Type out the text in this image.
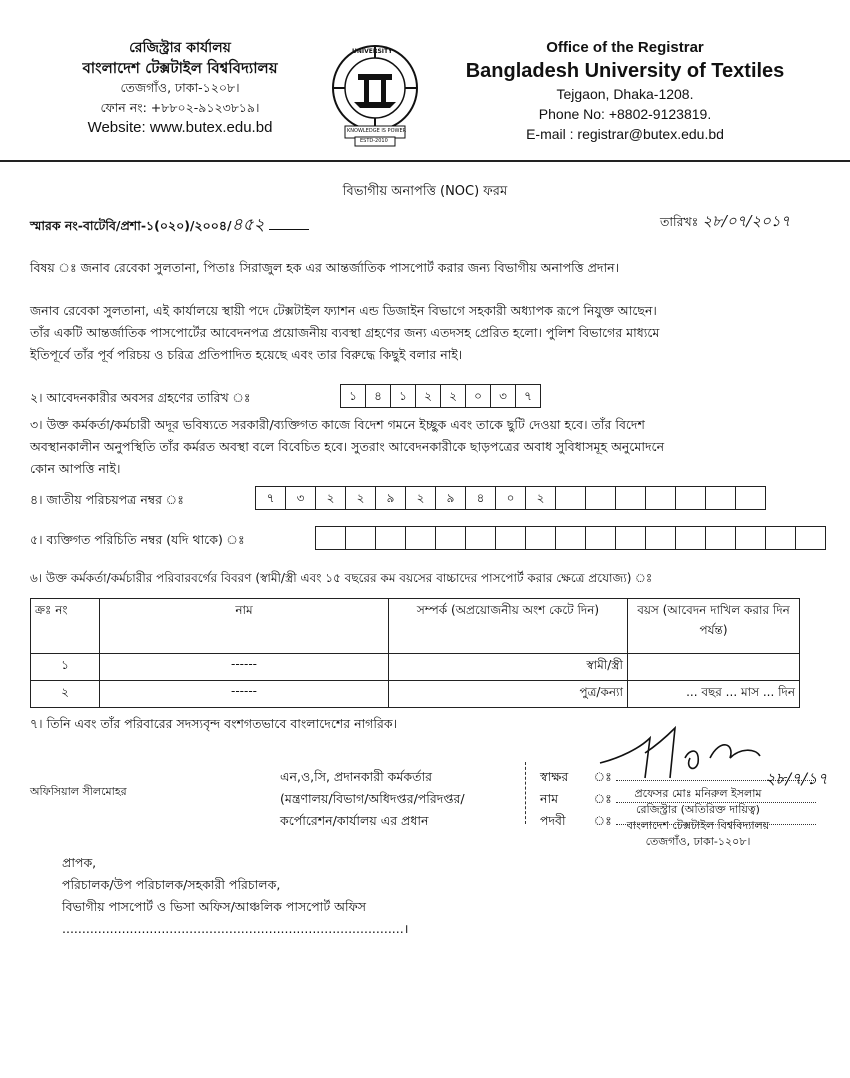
রেজিস্ট্রার কার্যালয়
বাংলাদেশ টেক্সটাইল বিশ্ববিদ্যালয়
তেজগাঁও, ঢাকা-১২০৮।
ফোন নং: +৮৮০২-৯১২৩৮১৯।
Website: www.butex.edu.bd
UNIVERSITY
KNOWLEDGE IS POWER
ESTD-2010
Office of the Registrar
Bangladesh University of Textiles
Tejgaon, Dhaka-1208.
Phone No: +8802-9123819.
E-mail : registrar@butex.edu.bd
বিভাগীয় অনাপত্তি (NOC) ফরম
স্মারক নং-বাটেবি/প্রশা-১(০২০)/২০০৪/৪৫২	তারিখঃ ২৮/০৭/২০১৭
বিষয় ঃ জনাব রেবেকা সুলতানা, পিতাঃ সিরাজুল হক এর আন্তর্জাতিক পাসপোর্ট করার জন্য বিভাগীয় অনাপত্তি প্রদান।
জনাব রেবেকা সুলতানা, এই কার্যালয়ে স্থায়ী পদে টেক্সটাইল ফ্যাশন এন্ড ডিজাইন বিভাগে সহকারী অধ্যাপক রূপে নিযুক্ত আছেন।
তাঁর একটি আন্তর্জাতিক পাসপোর্টের আবেদনপত্র প্রয়োজনীয় ব্যবস্থা গ্রহণের জন্য এতদসহ প্রেরিত হলো। পুলিশ বিভাগের মাধ্যমে
ইতিপূর্বে তাঁর পূর্ব পরিচয় ও চরিত্র প্রতিপাদিত হয়েছে এবং তার বিরুদ্ধে কিছুই বলার নাই।
২। আবেদনকারীর অবসর গ্রহণের তারিখ ঃ	১	৪	১	২	২	০	৩	৭
৩। উক্ত কর্মকর্তা/কর্মচারী অদূর ভবিষ্যতে সরকারী/ব্যক্তিগত কাজে বিদেশ গমনে ইচ্ছুক এবং তাকে ছুটি দেওয়া হবে। তাঁর বিদেশ
অবস্থানকালীন অনুপস্থিতি তাঁর কর্মরত অবস্থা বলে বিবেচিত হবে। সুতরাং আবেদনকারীকে ছাড়পত্রের অবাধ সুবিধাসমূহ অনুমোদনে
কোন আপত্তি নাই।
৪। জাতীয় পরিচয়পত্র নম্বর ঃ	৭	৩	২	২	৯	২	৯	৪	০	২
৫। ব্যক্তিগত পরিচিতি নম্বর (যদি থাকে) ঃ
৬। উক্ত কর্মকর্তা/কর্মচারীর পরিবারবর্গের বিবরণ (স্বামী/স্ত্রী এবং ১৫ বছরের কম বয়সের বাচ্চাদের পাসপোর্ট করার ক্ষেত্রে প্রযোজ্য) ঃ
ক্রঃ নং	নাম	সম্পর্ক (অপ্রয়োজনীয় অংশ কেটে দিন)	বয়স (আবেদন দাখিল করার দিন পর্যন্ত)
১	------	স্বামী/স্ত্রী	
২	------	পুত্র/কন্যা	... বছর ... মাস ... দিন
৭। তিনি এবং তাঁর পরিবারের সদস্যবৃন্দ বংশগতভাবে বাংলাদেশের নাগরিক।
অফিসিয়াল সীলমোহর
এন,ও,সি, প্রদানকারী কর্মকর্তার
(মন্ত্রণালয়/বিভাগ/অধিদপ্তর/পরিদপ্তর/
কর্পোরেশন/কার্যালয় এর প্রধান
স্বাক্ষর ঃ
নাম	ঃ
পদবী ঃ
২৮/৭/১৭
প্রফেসর মোঃ মনিরুল ইসলাম
রেজিস্ট্রার (অতিরিক্ত দায়িত্ব)
বাংলাদেশ টেক্সটাইল বিশ্ববিদ্যালয়
তেজগাঁও, ঢাকা-১২০৮।
প্রাপক,
পরিচালক/উপ পরিচালক/সহকারী পরিচালক,
বিভাগীয় পাসপোর্ট ও ভিসা অফিস/আঞ্চলিক পাসপোর্ট অফিস
......................................................................................।
